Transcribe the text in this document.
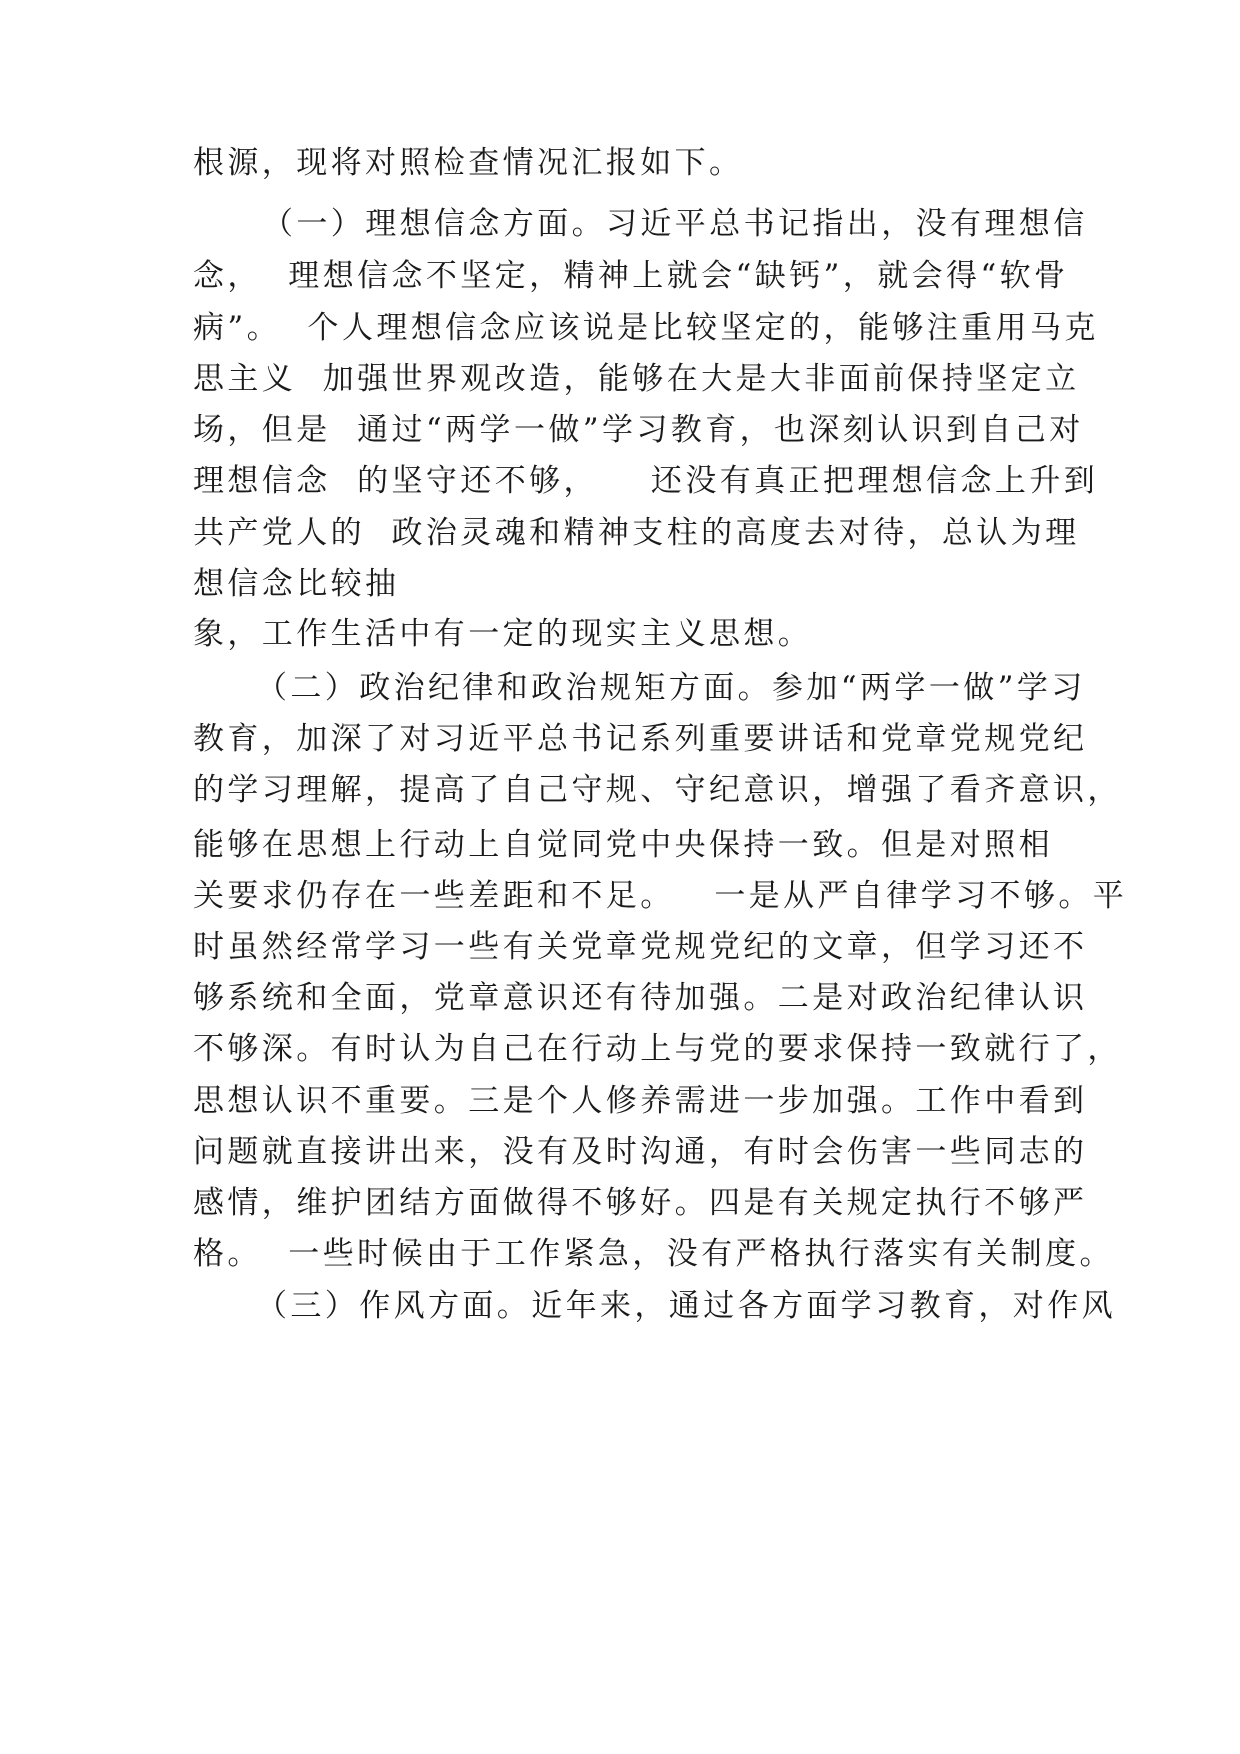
根源，现将对照检查情况汇报如下。
（一）理想信念方面。习近平总书记指出，没有理想信
念，  理想信念不坚定，精神上就会“缺钙”，就会得“软骨
病”。  个人理想信念应该说是比较坚定的，能够注重用马克
思主义  加强世界观改造，能够在大是大非面前保持坚定立
场，但是  通过“两学一做”学习教育，也深刻认识到自己对
理想信念  的坚守还不够，    还没有真正把理想信念上升到
共产党人的  政治灵魂和精神支柱的高度去对待，总认为理
想信念比较抽
象，工作生活中有一定的现实主义思想。
（二）政治纪律和政治规矩方面。参加“两学一做”学习
教育，加深了对习近平总书记系列重要讲话和党章党规党纪
的学习理解，提高了自己守规、守纪意识，增强了看齐意识，
能够在思想上行动上自觉同党中央保持一致。但是对照相
关要求仍存在一些差距和不足。   一是从严自律学习不够。平
时虽然经常学习一些有关党章党规党纪的文章，但学习还不
够系统和全面，党章意识还有待加强。二是对政治纪律认识
不够深。有时认为自己在行动上与党的要求保持一致就行了，
思想认识不重要。三是个人修养需进一步加强。工作中看到
问题就直接讲出来，没有及时沟通，有时会伤害一些同志的
感情，维护团结方面做得不够好。四是有关规定执行不够严
格。  一些时候由于工作紧急，没有严格执行落实有关制度。
（三）作风方面。近年来，通过各方面学习教育，对作风
